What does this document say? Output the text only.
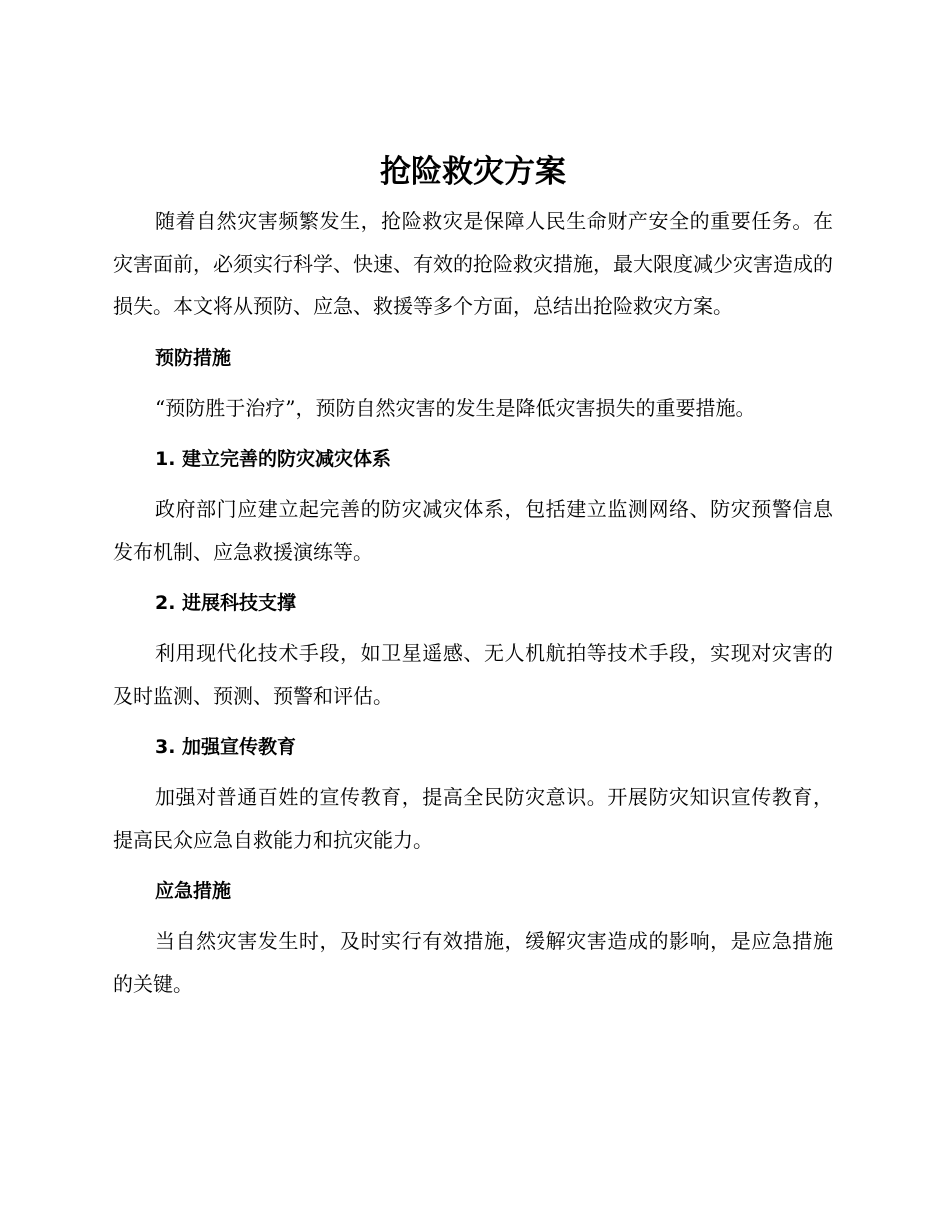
抢险救灾方案

随着自然灾害频繁发生，抢险救灾是保障人民生命财产安全的重要任务。在灾害面前，必须实行科学、快速、有效的抢险救灾措施，最大限度减少灾害造成的损失。本文将从预防、应急、救援等多个方面，总结出抢险救灾方案。

预防措施

“预防胜于治疗”，预防自然灾害的发生是降低灾害损失的重要措施。

1. 建立完善的防灾减灾体系

政府部门应建立起完善的防灾减灾体系，包括建立监测网络、防灾预警信息发布机制、应急救援演练等。

2. 进展科技支撑

利用现代化技术手段，如卫星遥感、无人机航拍等技术手段，实现对灾害的及时监测、预测、预警和评估。

3. 加强宣传教育

加强对普通百姓的宣传教育，提高全民防灾意识。开展防灾知识宣传教育，提高民众应急自救能力和抗灾能力。

应急措施

当自然灾害发生时，及时实行有效措施，缓解灾害造成的影响，是应急措施的关键。
